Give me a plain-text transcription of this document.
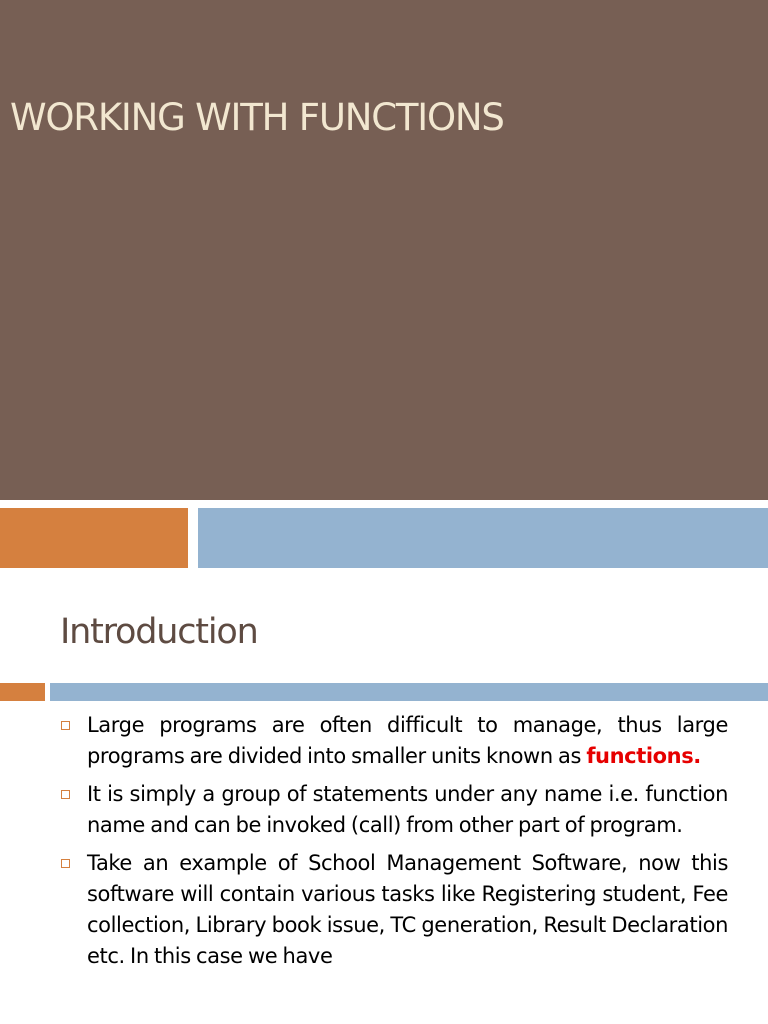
WORKING WITH FUNCTIONS
Introduction
Large programs are often difficult to manage, thus large programs are divided into smaller units known as functions.
It is simply a group of statements under any name i.e. function name and can be invoked (call) from other part of program.
Take an example of School Management Software, now this software will contain various tasks like Registering student, Fee collection, Library book issue, TC generation, Result Declaration etc. In this case we have
